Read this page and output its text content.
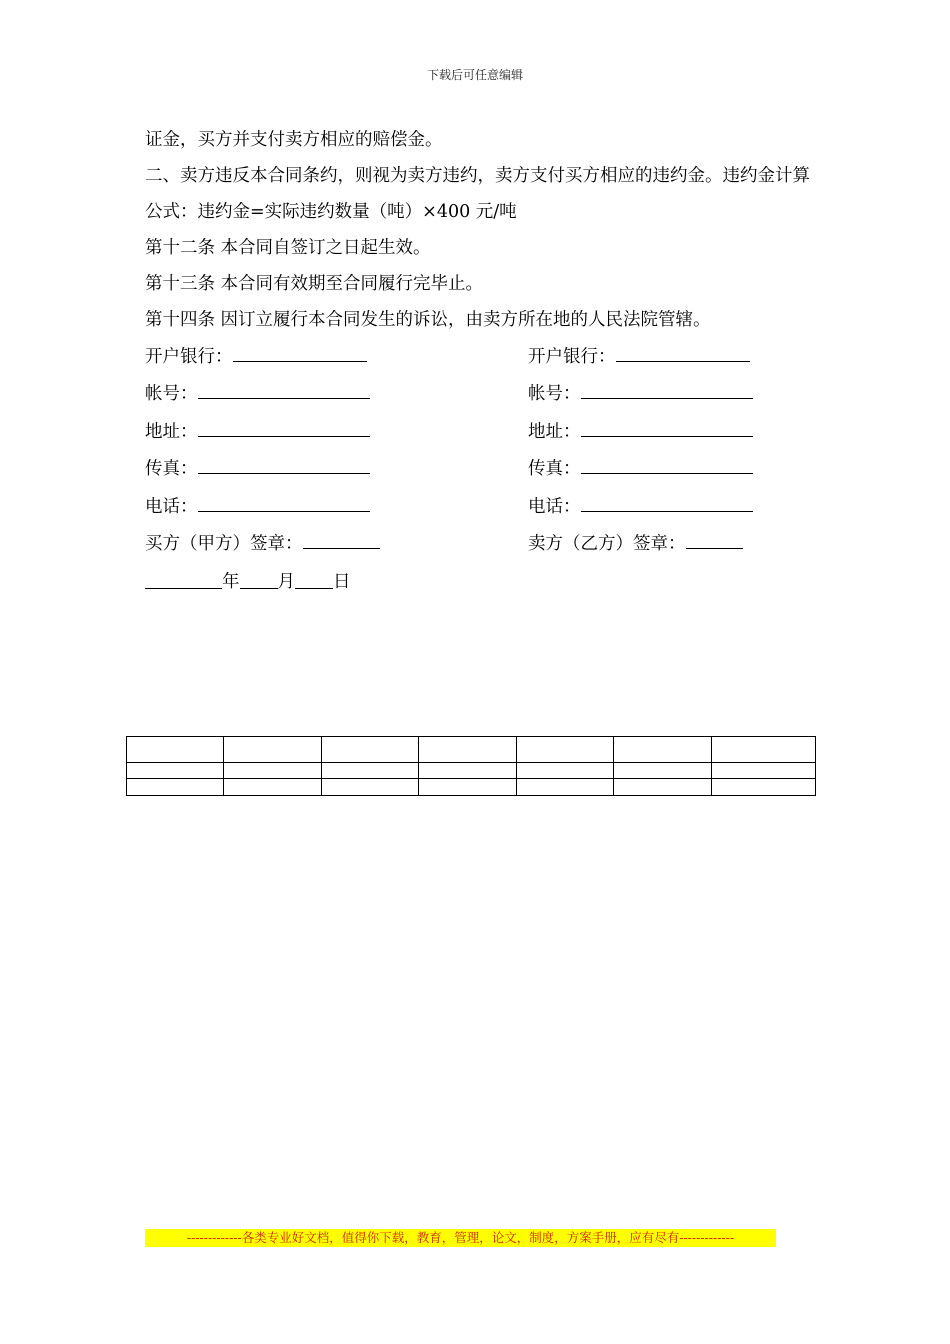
下载后可任意编辑
证金，买方并支付卖方相应的赔偿金。
二、卖方违反本合同条约，则视为卖方违约，卖方支付买方相应的违约金。违约金计算公式：违约金=实际违约数量（吨）×400 元/吨
第十二条 本合同自签订之日起生效。
第十三条 本合同有效期至合同履行完毕止。
第十四条 因订立履行本合同发生的诉讼，由卖方所在地的人民法院管辖。
开户银行：	开户银行：
帐号：	帐号：
地址：	地址：
传真：	传真：
电话：	电话：
买方（甲方）签章：	卖方（乙方）签章：
年 月 日

-------------各类专业好文档，值得你下载，教育，管理，论文，制度，方案手册，应有尽有-------------
